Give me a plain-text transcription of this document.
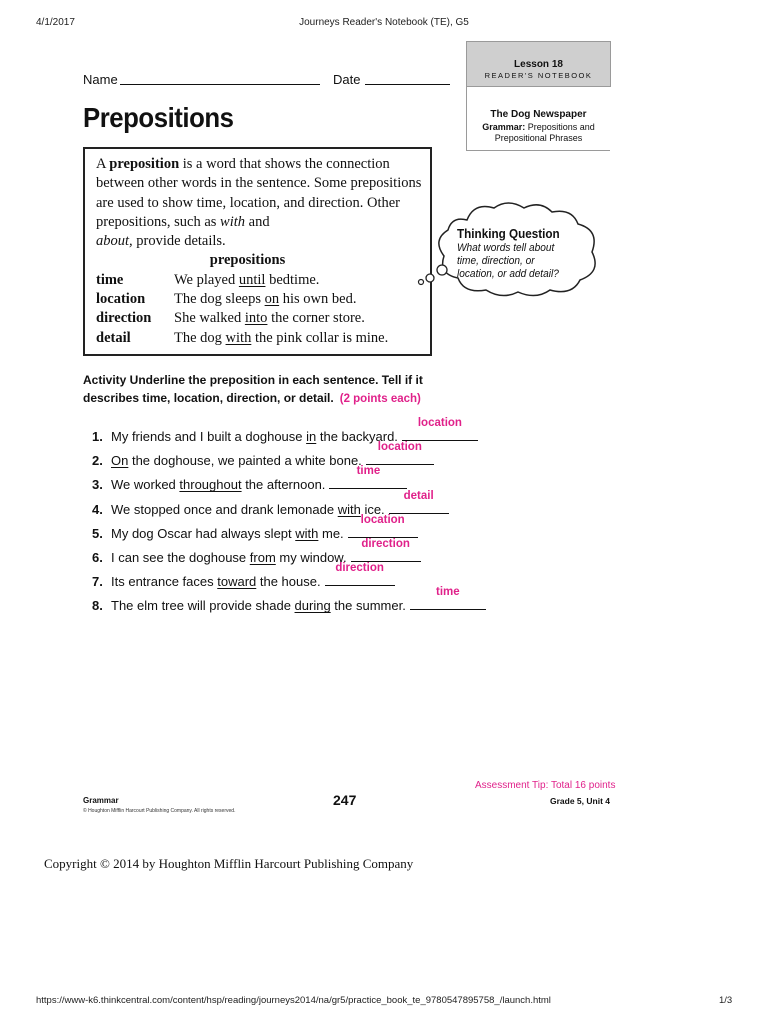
4/1/2017	Journeys Reader's Notebook (TE), G5
Lesson 18
READER'S NOTEBOOK
The Dog Newspaper
Grammar: Prepositions and
Prepositional Phrases
Name	Date
Prepositions
A preposition is a word that shows the connection between other words in the sentence. Some prepositions are used to show time, location, and direction. Other prepositions, such as with and
about, provide details.
prepositions
time	We played until bedtime.
location	The dog sleeps on his own bed.
direction	She walked into the corner store.
detail	The dog with the pink collar is mine.
Thinking Question
What words tell about
time, direction, or
location, or add detail?
Activity Underline the preposition in each sentence. Tell if it
describes time, location, direction, or detail. (2 points each)
1. My friends and I built a doghouse in the backyard.
location
2. On the doghouse, we painted a white bone.
location
3. We worked throughout the afternoon.
time
4. We stopped once and drank lemonade with ice.
detail
5. My dog Oscar had always slept with me.
location
6. I can see the doghouse from my window.
direction
7. Its entrance faces toward the house.
direction
8. The elm tree will provide shade during the summer.
time
Assessment Tip: Total 16 points
Grammar
© Houghton Mifflin Harcourt Publishing Company. All rights reserved.
247	Grade 5, Unit 4
Copyright © 2014 by Houghton Mifflin Harcourt Publishing Company
https://www-k6.thinkcentral.com/content/hsp/reading/journeys2014/na/gr5/practice_book_te_9780547895758_/launch.html	1/3
